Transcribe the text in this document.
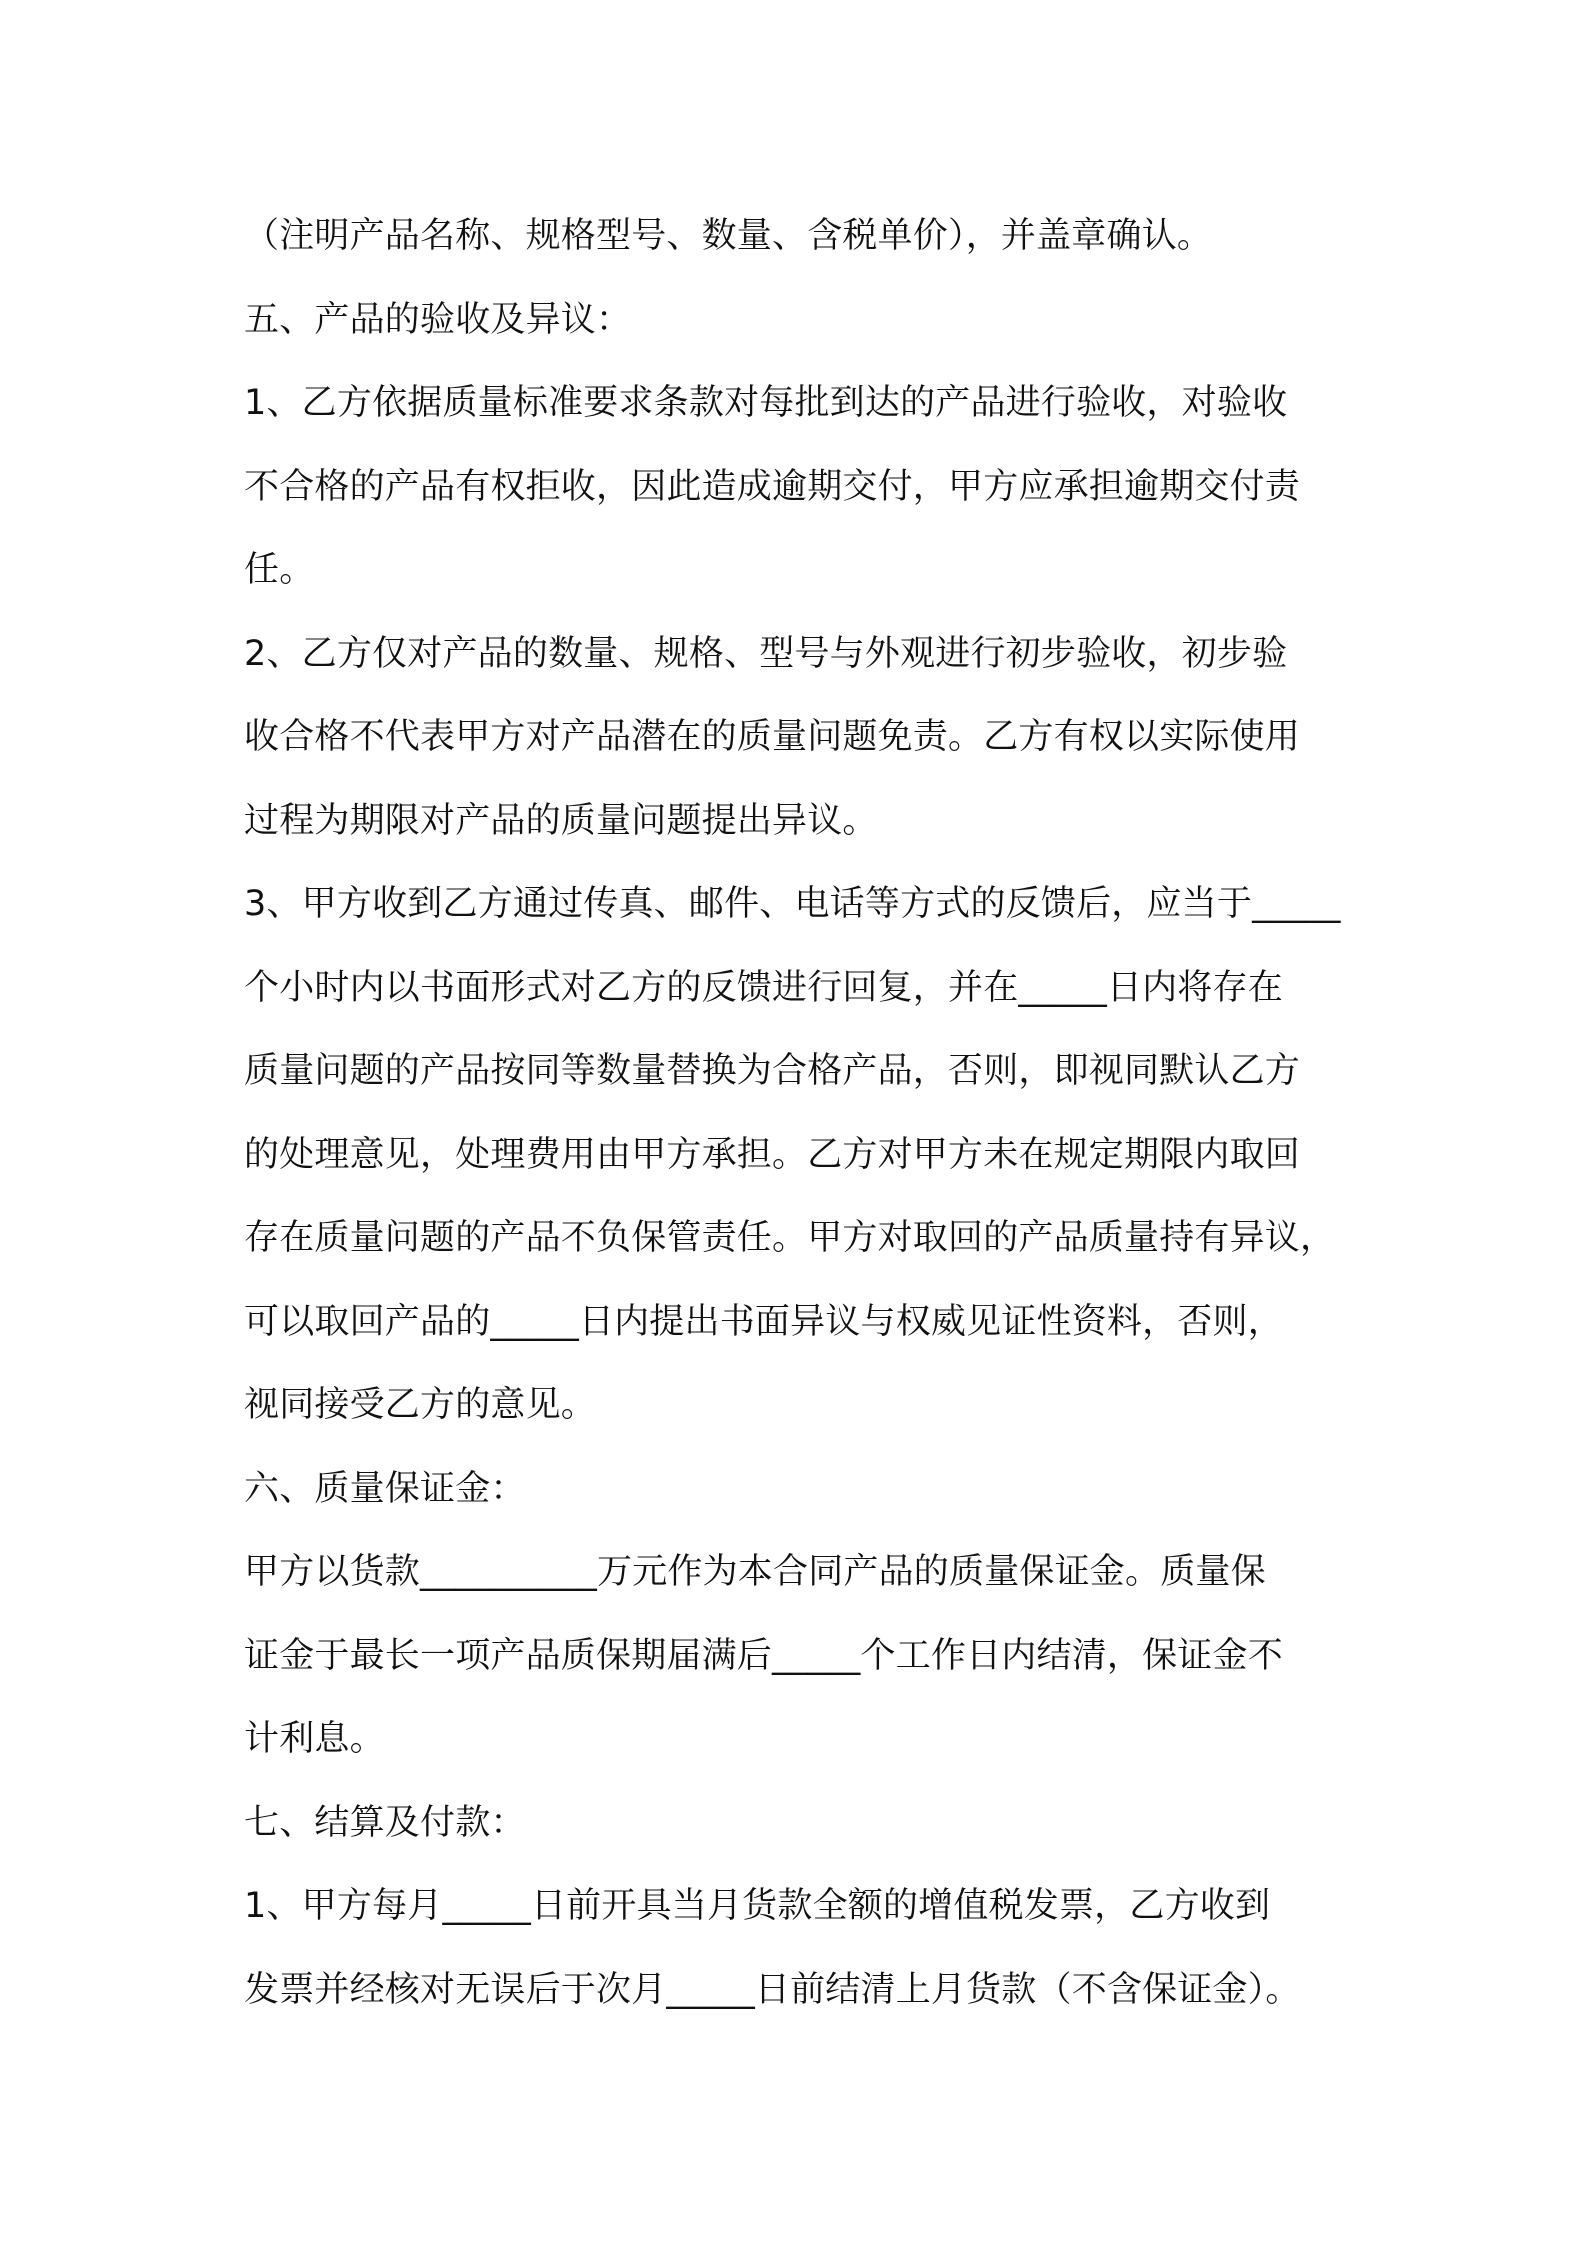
（注明产品名称、规格型号、数量、含税单价），并盖章确认。
五、产品的验收及异议：
1、乙方依据质量标准要求条款对每批到达的产品进行验收，对验收
不合格的产品有权拒收，因此造成逾期交付，甲方应承担逾期交付责
任。
2、乙方仅对产品的数量、规格、型号与外观进行初步验收，初步验
收合格不代表甲方对产品潜在的质量问题免责。乙方有权以实际使用
过程为期限对产品的质量问题提出异议。
3、甲方收到乙方通过传真、邮件、电话等方式的反馈后，应当于_____
个小时内以书面形式对乙方的反馈进行回复，并在_____日内将存在
质量问题的产品按同等数量替换为合格产品，否则，即视同默认乙方
的处理意见，处理费用由甲方承担。乙方对甲方未在规定期限内取回
存在质量问题的产品不负保管责任。甲方对取回的产品质量持有异议，
可以取回产品的_____日内提出书面异议与权威见证性资料，否则，
视同接受乙方的意见。
六、质量保证金：
甲方以货款__________万元作为本合同产品的质量保证金。质量保
证金于最长一项产品质保期届满后_____个工作日内结清，保证金不
计利息。
七、结算及付款：
1、甲方每月_____日前开具当月货款全额的增值税发票，乙方收到
发票并经核对无误后于次月_____日前结清上月货款（不含保证金）。
